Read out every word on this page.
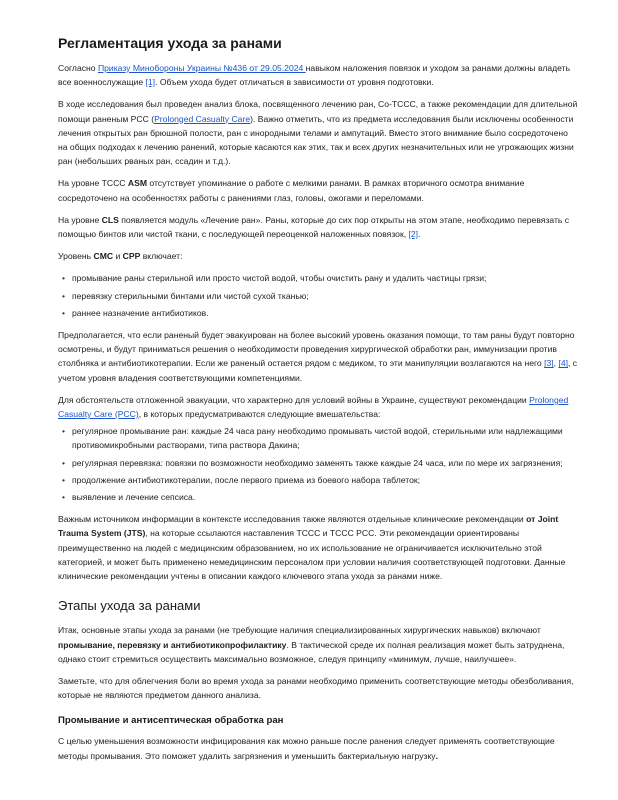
Регламентация ухода за ранами

Согласно Приказу Минобороны Украины №436 от 29.05.2024 навыком наложения повязок и уходом за ранами должны владеть все военнослужащие [1]. Объем ухода будет отличаться в зависимости от уровня подготовки.

В ходе исследования был проведен анализ блока, посвященного лечению ран, Co-TCCC, а также рекомендации для длительной помощи раненым PCC (Prolonged Casualty Care). Важно отметить, что из предмета исследования были исключены особенности лечения открытых ран брюшной полости, ран с инородными телами и ампутаций. Вместо этого внимание было сосредоточено на общих подходах к лечению ранений, которые касаются как этих, так и всех других незначительных или не угрожающих жизни ран (небольших рваных ран, ссадин и т.д.).

На уровне TCCC ASM отсутствует упоминание о работе с мелкими ранами. В рамках вторичного осмотра внимание сосредоточено на особенностях работы с ранениями глаз, головы, ожогами и переломами.

На уровне CLS появляется модуль «Лечение ран». Раны, которые до сих пор открыты на этом этапе, необходимо перевязать с помощью бинтов или чистой ткани, с последующей переоценкой наложенных повязок, [2].

Уровень CMC и CPP включает:

• промывание раны стерильной или просто чистой водой, чтобы очистить рану и удалить частицы грязи;
• перевязку стерильными бинтами или чистой сухой тканью;
• раннее назначение антибиотиков.

Предполагается, что если раненый будет эвакуирован на более высокий уровень оказания помощи, то там раны будут повторно осмотрены, и будут приниматься решения о необходимости проведения хирургической обработки ран, иммунизации против столбняка и антибиотикотерапии. Если же раненый остается рядом с медиком, то эти манипуляции возлагаются на него [3], [4], с учетом уровня владения соответствующими компетенциями.

Для обстоятельств отложенной эвакуации, что характерно для условий войны в Украине, существуют рекомендации Prolonged Casualty Care (PCC), в которых предусматриваются следующие вмешательства:

• регулярное промывание ран: каждые 24 часа рану необходимо промывать чистой водой, стерильными или надлежащими противомикробными растворами, типа раствора Дакина;
• регулярная перевязка: повязки по возможности необходимо заменять также каждые 24 часа, или по мере их загрязнения;
• продолжение антибиотикотерапии, после первого приема из боевого набора таблеток;
• выявление и лечение сепсиса.

Важным источником информации в контексте исследования также являются отдельные клинические рекомендации от Joint Trauma System (JTS), на которые ссылаются наставления TCCC и TCCC PCC. Эти рекомендации ориентированы преимущественно на людей с медицинским образованием, но их использование не ограничивается исключительно этой категорией, и может быть применено немедицинским персоналом при условии наличия соответствующей подготовки. Данные клинические рекомендации учтены в описании каждого ключевого этапа ухода за ранами ниже.

Этапы ухода за ранами

Итак, основные этапы ухода за ранами (не требующие наличия специализированных хирургических навыков) включают промывание, перевязку и антибиотикопрофилактику. В тактической среде их полная реализация может быть затруднена, однако стоит стремиться осуществить максимально возможное, следуя принципу «минимум, лучше, наилучшее».

Заметьте, что для облегчения боли во время ухода за ранами необходимо применить соответствующие методы обезболивания, которые не являются предметом данного анализа.

Промывание и антисептическая обработка ран

С целью уменьшения возможности инфицирования как можно раньше после ранения следует применять соответствующие методы промывания. Это поможет удалить загрязнения и уменьшить бактериальную нагрузку.
